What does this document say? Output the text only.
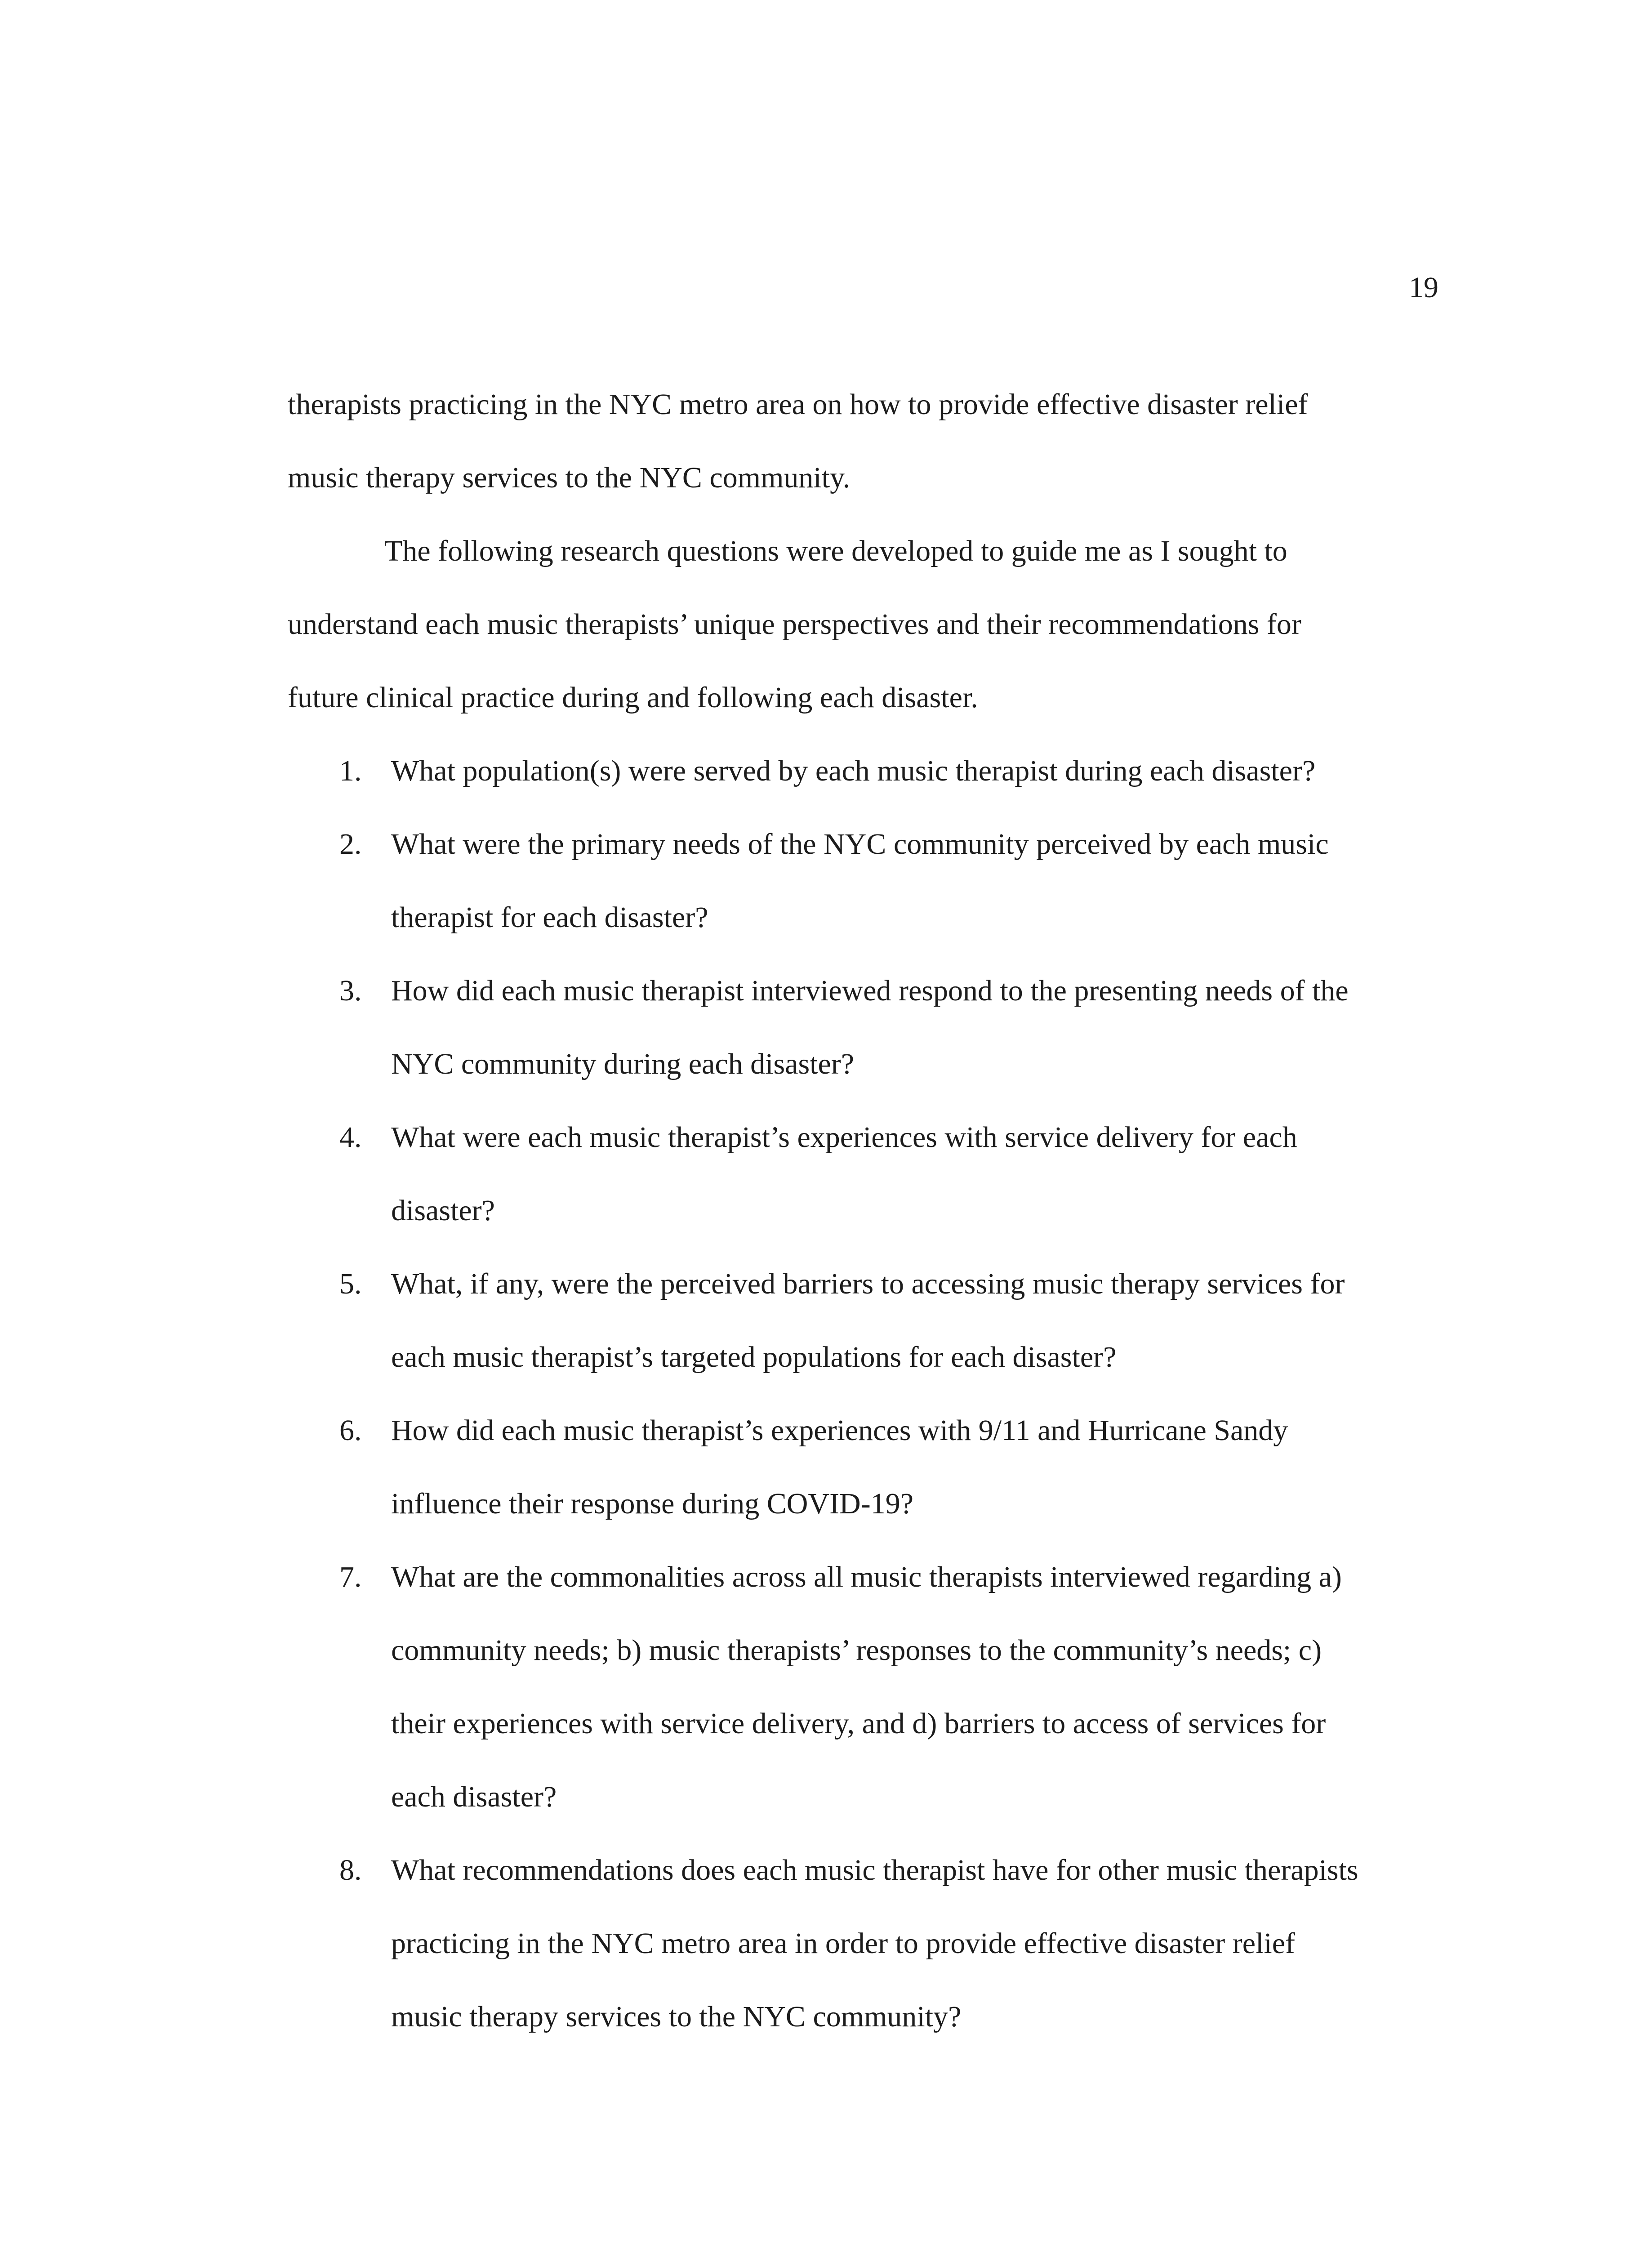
19

therapists practicing in the NYC metro area on how to provide effective disaster relief
music therapy services to the NYC community.

The following research questions were developed to guide me as I sought to
understand each music therapists’ unique perspectives and their recommendations for
future clinical practice during and following each disaster.

1. What population(s) were served by each music therapist during each disaster?
2. What were the primary needs of the NYC community perceived by each music
therapist for each disaster?
3. How did each music therapist interviewed respond to the presenting needs of the
NYC community during each disaster?
4. What were each music therapist’s experiences with service delivery for each
disaster?
5. What, if any, were the perceived barriers to accessing music therapy services for
each music therapist’s targeted populations for each disaster?
6. How did each music therapist’s experiences with 9/11 and Hurricane Sandy
influence their response during COVID-19?
7. What are the commonalities across all music therapists interviewed regarding a)
community needs; b) music therapists’ responses to the community’s needs; c)
their experiences with service delivery, and d) barriers to access of services for
each disaster?
8. What recommendations does each music therapist have for other music therapists
practicing in the NYC metro area in order to provide effective disaster relief
music therapy services to the NYC community?
